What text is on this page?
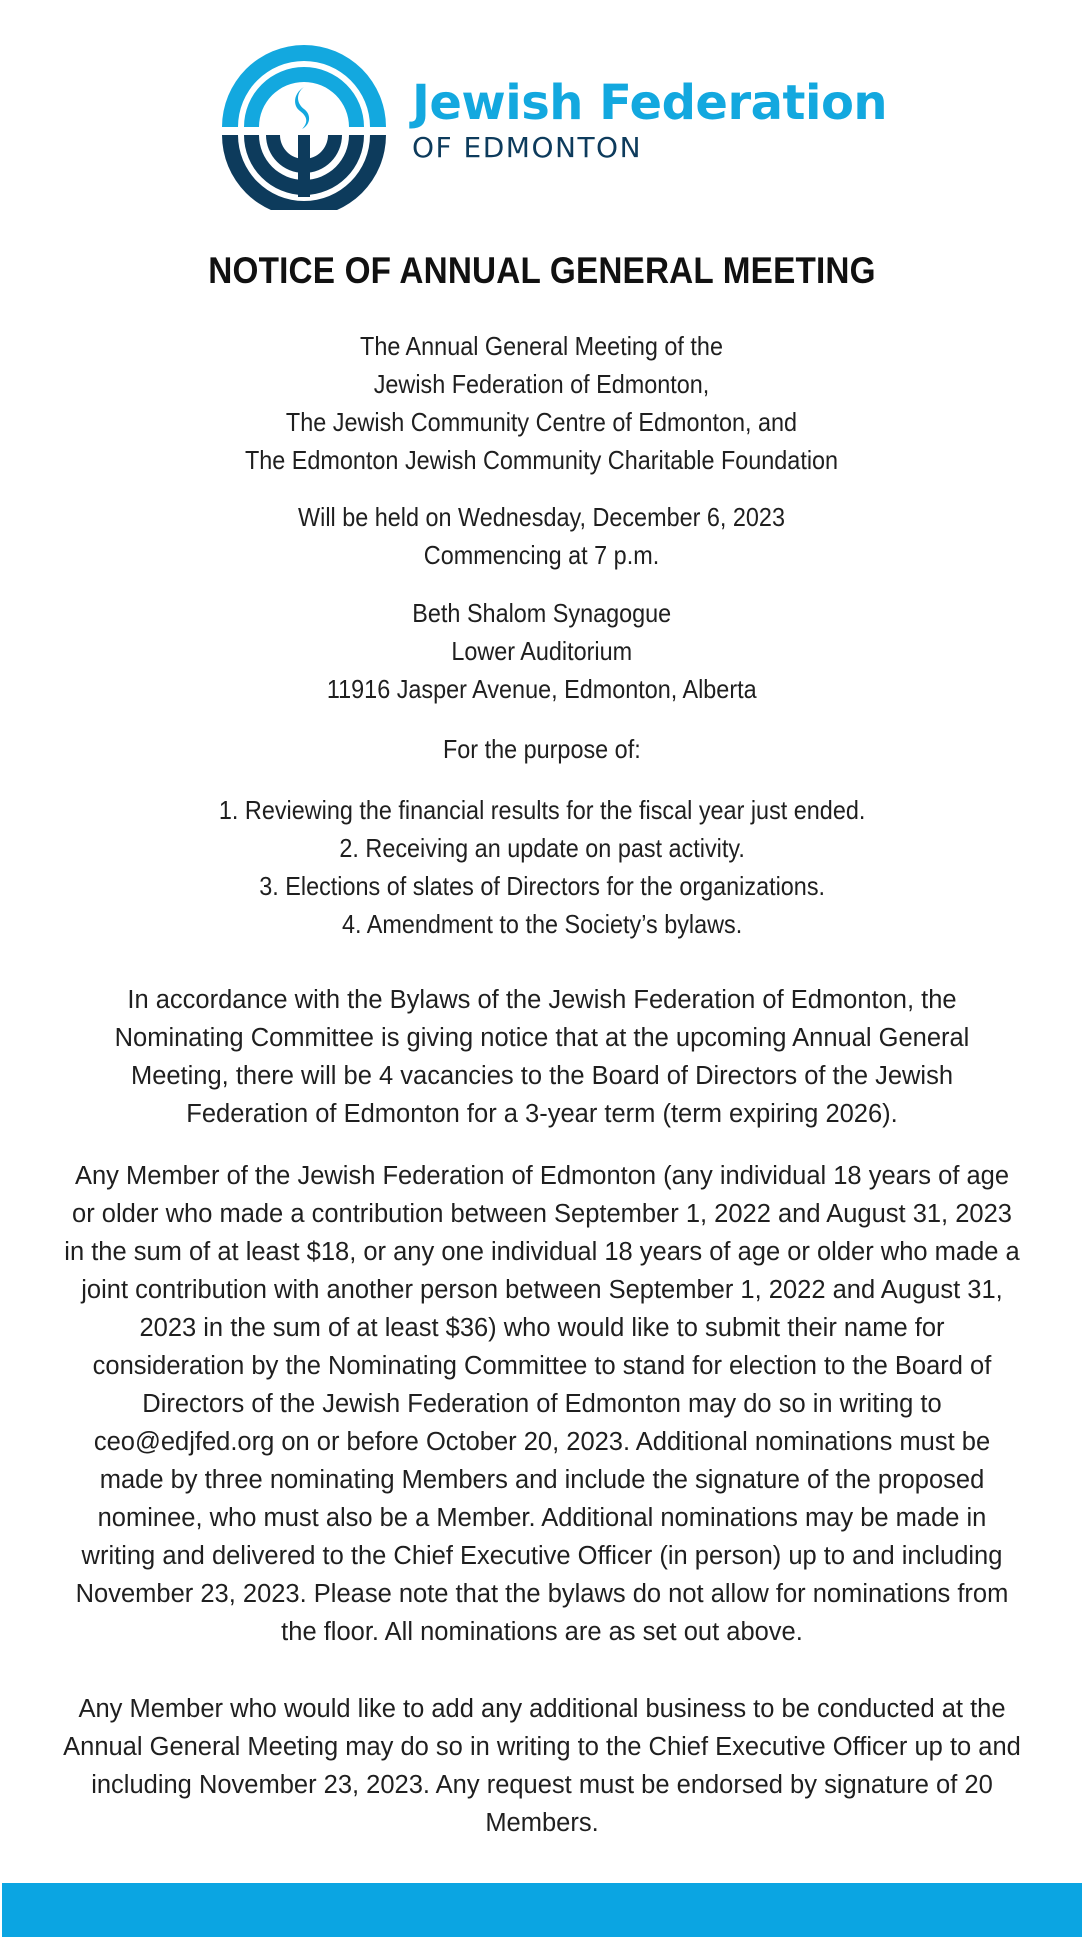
Jewish Federation
OF EDMONTON
NOTICE OF ANNUAL GENERAL MEETING
The Annual General Meeting of the
Jewish Federation of Edmonton,
The Jewish Community Centre of Edmonton, and
The Edmonton Jewish Community Charitable Foundation
Will be held on Wednesday, December 6, 2023
Commencing at 7 p.m.
Beth Shalom Synagogue
Lower Auditorium
11916 Jasper Avenue, Edmonton, Alberta
For the purpose of:
1. Reviewing the financial results for the fiscal year just ended.
2. Receiving an update on past activity.
3. Elections of slates of Directors for the organizations.
4. Amendment to the Society’s bylaws.
In accordance with the Bylaws of the Jewish Federation of Edmonton, the Nominating Committee is giving notice that at the upcoming Annual General Meeting, there will be 4 vacancies to the Board of Directors of the Jewish Federation of Edmonton for a 3-year term (term expiring 2026).
Any Member of the Jewish Federation of Edmonton (any individual 18 years of age or older who made a contribution between September 1, 2022 and August 31, 2023 in the sum of at least $18, or any one individual 18 years of age or older who made a joint contribution with another person between September 1, 2022 and August 31, 2023 in the sum of at least $36) who would like to submit their name for consideration by the Nominating Committee to stand for election to the Board of Directors of the Jewish Federation of Edmonton may do so in writing to ceo@edjfed.org on or before October 20, 2023. Additional nominations must be made by three nominating Members and include the signature of the proposed nominee, who must also be a Member. Additional nominations may be made in writing and delivered to the Chief Executive Officer (in person) up to and including November 23, 2023. Please note that the bylaws do not allow for nominations from the floor. All nominations are as set out above.
Any Member who would like to add any additional business to be conducted at the Annual General Meeting may do so in writing to the Chief Executive Officer up to and including November 23, 2023. Any request must be endorsed by signature of 20 Members.
